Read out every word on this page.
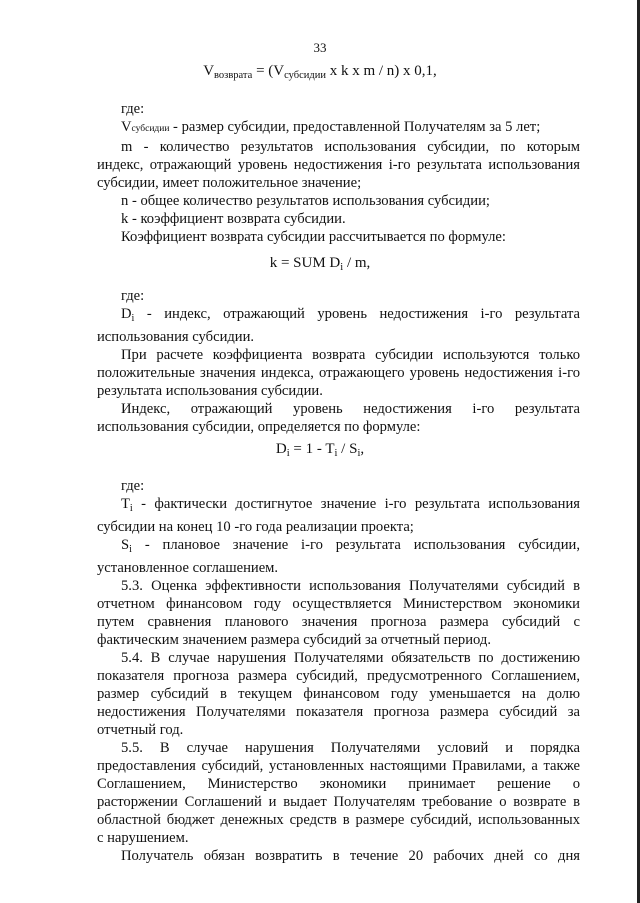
33
$V_{возврата} = (V_{субсидии}$ x k x m / n) x 0,1,

где:

Vсубсидии - размер субсидии, предоставленной Получателям за 5 лет;

m - количество результатов использования субсидии, по которым

индекс, отражающий уровень недостижения i-го результата использования

субсидии, имеет положительное значение;

n - общее количество результатов использования субсидии;

k - коэффициент возврата субсидии.

Коэффициент возврата субсидии рассчитывается по формуле:

k = SUM $D_i$ / m,

где:

$D_i$ - индекс, отражающий уровень недостижения i-го результата

использования субсидии.

При расчете коэффициента возврата субсидии используются только

положительные значения индекса, отражающего уровень недостижения i-го

результата использования субсидии.

Индекс, отражающий уровень недостижения i-го результата

использования субсидии, определяется по формуле:

$D_i = 1 - T_i / S_i$,

где:

$T_i$ - фактически достигнутое значение i-го результата использования

субсидии на конец 10 -го года реализации проекта;

$S_i$ - плановое значение i-го результата использования субсидии,

установленное соглашением.

5.3. Оценка эффективности использования Получателями субсидий в

отчетном финансовом году осуществляется Министерством экономики

путем сравнения планового значения прогноза размера субсидий с

фактическим значением размера субсидий за отчетный период.

5.4. В случае нарушения Получателями обязательств по достижению

показателя прогноза размера субсидий, предусмотренного Соглашением,

размер субсидий в текущем финансовом году уменьшается на долю

недостижения Получателями показателя прогноза размера субсидий за

отчетный год.

5.5. В случае нарушения Получателями условий и порядка

предоставления субсидий, установленных настоящими Правилами, а также

Соглашением, Министерство экономики принимает решение о

расторжении Соглашений и выдает Получателям требование о возврате в

областной бюджет денежных средств в размере субсидий, использованных

с нарушением.

Получатель обязан возвратить в течение 20 рабочих дней со дня
